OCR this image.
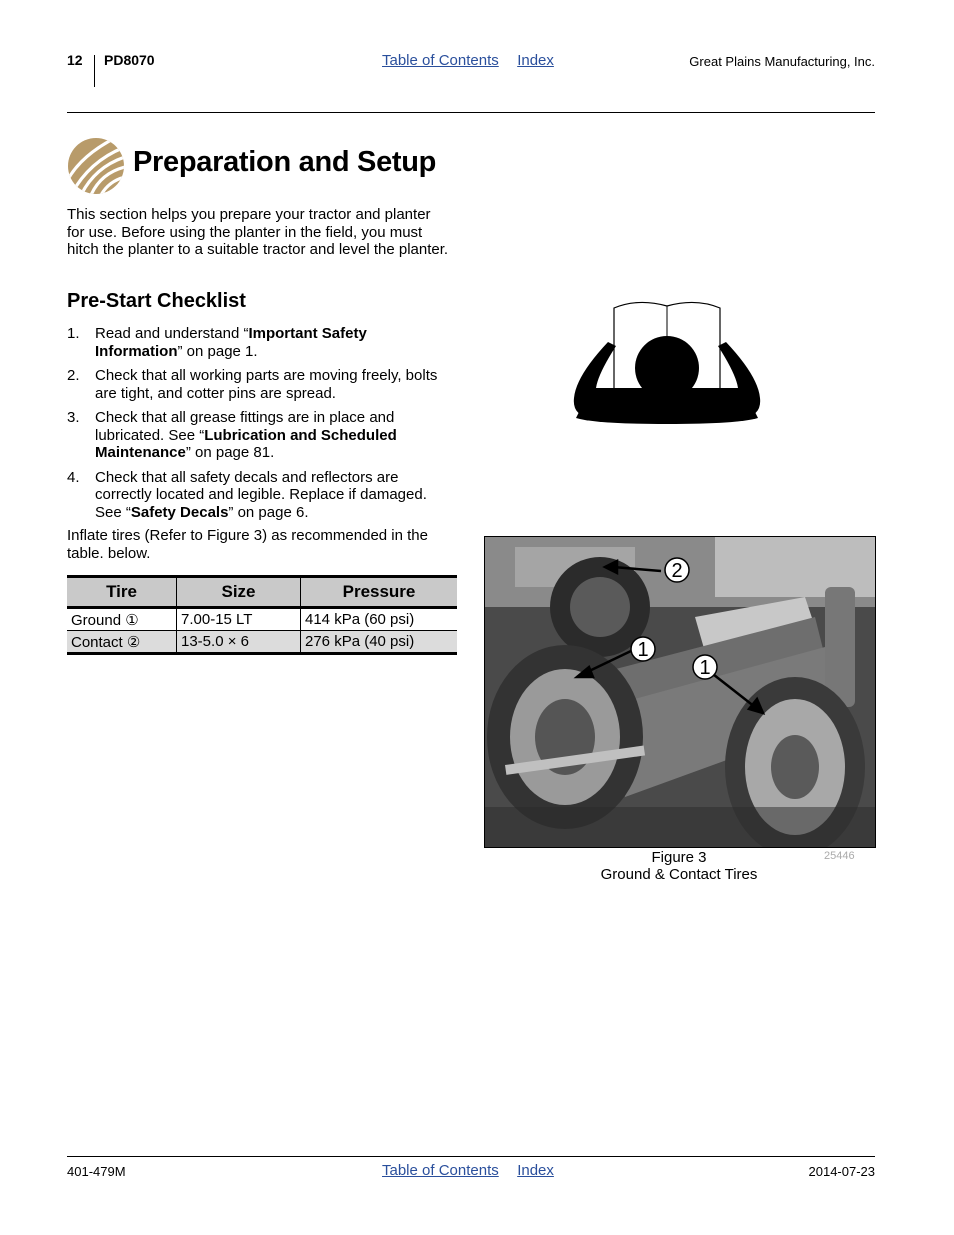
12 PD8070	Table of Contents Index	Great Plains Manufacturing, Inc.
Preparation and Setup
This section helps you prepare your tractor and planter for use. Before using the planter in the field, you must hitch the planter to a suitable tractor and level the planter.
Pre-Start Checklist
1. Read and understand “Important Safety Information” on page 1.
2. Check that all working parts are moving freely, bolts are tight, and cotter pins are spread.
3. Check that all grease fittings are in place and lubricated. See “Lubrication and Scheduled Maintenance” on page 81.
4. Check that all safety decals and reflectors are correctly located and legible. Replace if damaged. See “Safety Decals” on page 6.
Inflate tires (Refer to Figure 3) as recommended in the table. below.
Tire	Size	Pressure
Ground ①	7.00-15 LT	414 kPa (60 psi)
Contact ②	13-5.0 × 6	276 kPa (40 psi)
2
1
1
Figure 3
Ground & Contact Tires
25446
401-479M	Table of Contents Index	2014-07-23
